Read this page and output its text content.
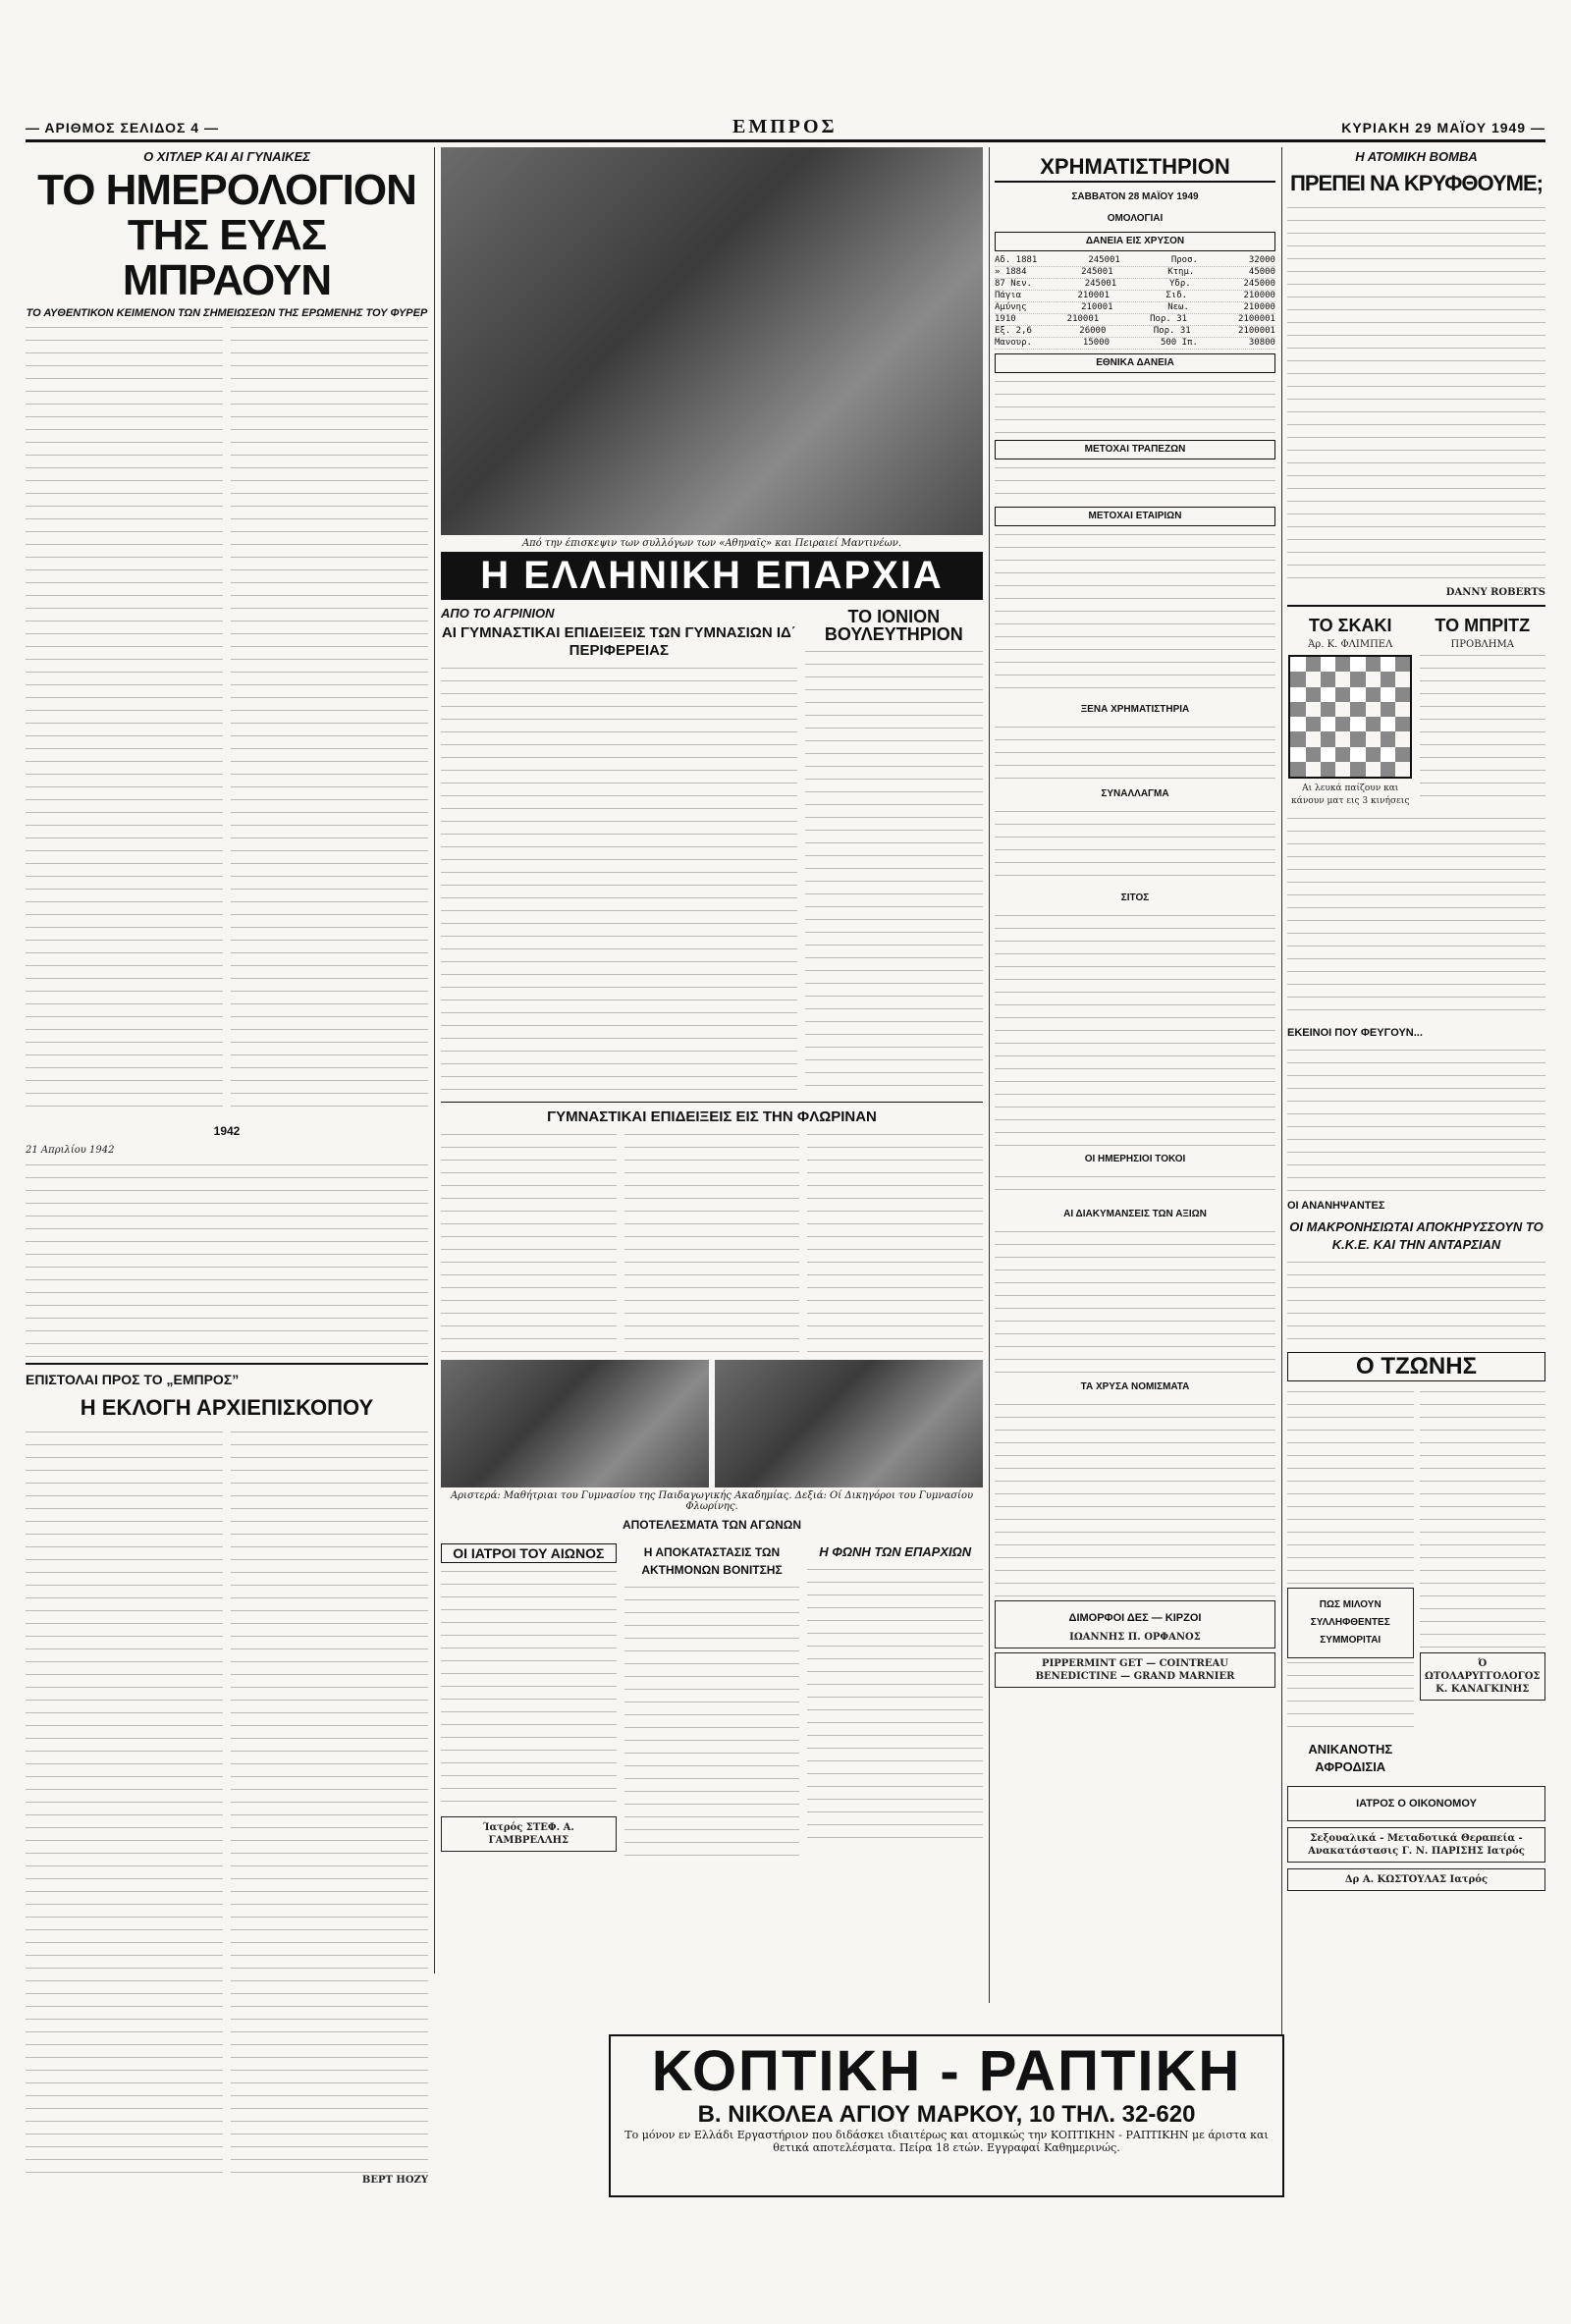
— ΑΡΙΘΜΟΣ ΣΕΛΙΔΟΣ 4 —	ΕΜΠΡΟΣ	ΚΥΡΙΑΚΗ 29 ΜΑΪΟΥ 1949 —
Ο ΧΙΤΛΕΡ ΚΑΙ ΑΙ ΓΥΝΑΙΚΕΣ
ΤΟ ΗΜΕΡΟΛΟΓΙΟΝ ΤΗΣ ΕΥΑΣ ΜΠΡΑΟΥΝ
ΤΟ ΑΥΘΕΝΤΙΚΟΝ ΚΕΙΜΕΝΟΝ ΤΩΝ ΣΗΜΕΙΩΣΕΩΝ ΤΗΣ ΕΡΩΜΕΝΗΣ ΤΟΥ ΦΥΡΕΡ
1942
21 Απριλίου 1942
ΕΠΙΣΤΟΛΑΙ ΠΡΟΣ ΤΟ „ΕΜΠΡΟΣ”
Η ΕΚΛΟΓΗ ΑΡΧΙΕΠΙΣΚΟΠΟΥ
ΒΕΡΤ ΗΟΖΥ
Από την έπισκεψιν των συλλόγων των «Αθηναϊς» και Πειραιεί Μαντινέων.
Η ΕΛΛΗΝΙΚΗ ΕΠΑΡΧΙΑ
ΑΠΟ ΤΟ ΑΓΡΙΝΙΟΝ
ΑΙ ΓΥΜΝΑΣΤΙΚΑΙ ΕΠΙΔΕΙΞΕΙΣ ΤΩΝ ΓΥΜΝΑΣΙΩΝ ΙΔ΄ ΠΕΡΙΦΕΡΕΙΑΣ
ΤΟ ΙΟΝΙΟΝ ΒΟΥΛΕΥΤΗΡΙΟΝ
ΓΥΜΝΑΣΤΙΚΑΙ ΕΠΙΔΕΙΞΕΙΣ ΕΙΣ ΤΗΝ ΦΛΩΡΙΝΑΝ
Αριστερά: Μαθήτριαι του Γυμνασίου της Παιδαγωγικής Ακαδημίας. Δεξιά: Οί Δικηγόροι του Γυμνασίου Φλωρίνης.
ΑΠΟΤΕΛΕΣΜΑΤΑ ΤΩΝ ΑΓΩΝΩΝ
ΟΙ ΙΑΤΡΟΙ ΤΟΥ ΑΙΩΝΟΣ
Ίατρός ΣΤΕΦ. Α. ΓΑΜΒΡΕΛΛΗΣ
Η ΑΠΟΚΑΤΑΣΤΑΣΙΣ ΤΩΝ ΑΚΤΗΜΟΝΩΝ ΒΟΝΙΤΣΗΣ
Η ΦΩΝΗ ΤΩΝ ΕΠΑΡΧΙΩΝ
ΚΟΠΤΙΚΗ - ΡΑΠΤΙΚΗ
Β. ΝΙΚΟΛΕΑ ΑΓΙΟΥ ΜΑΡΚΟΥ, 10 ΤΗΛ. 32-620
Το μόνον εν Ελλάδι Εργαστήριον που διδάσκει ιδιαιτέρως και ατομικώς την ΚΟΠΤΙΚΗΝ - ΡΑΠΤΙΚΗΝ με άριστα και θετικά αποτελέσματα. Πείρα 18 ετών. Εγγραφαί Καθημερινώς.
ΧΡΗΜΑΤΙΣΤΗΡΙΟΝ
ΣΑΒΒΑΤΟΝ 28 ΜΑΪΟΥ 1949
ΟΜΟΛΟΓΙΑΙ
ΔΑΝΕΙΑ ΕΙΣ ΧΡΥΣΟΝ
Αδ. 1881	245001	Προσ.	32000
» 1884	245001	Κτημ.	45000
87 Νεν.	245001	Υδρ.	245000
Πάγια	210001	Σιδ.	210000
Αμύνης	210001	Νεω.	210000
1910	210001	Πορ. 31	2100001
Εξ. 2,6	26000	Πορ. 31	2100001
Μανουρ.	15000	500 Ιπ.	30800
ΕΘΝΙΚΑ ΔΑΝΕΙΑ
ΜΕΤΟΧΑΙ ΤΡΑΠΕΖΩΝ
ΜΕΤΟΧΑΙ ΕΤΑΙΡΙΩΝ
ΞΕΝΑ ΧΡΗΜΑΤΙΣΤΗΡΙΑ
ΣΥΝΑΛΛΑΓΜΑ
ΣΙΤΟΣ
ΟΙ ΗΜΕΡΗΣΙΟΙ ΤΟΚΟΙ
ΑΙ ΔΙΑΚΥΜΑΝΣΕΙΣ ΤΩΝ ΑΞΙΩΝ
ΤΑ ΧΡΥΣΑ ΝΟΜΙΣΜΑΤΑ
ΔΙΜΟΡΦΟΙ ΔΕΣ — ΚΙΡΖΟΙ
ΙΩΑΝΝΗΣ Π. ΟΡΦΑΝΟΣ
PIPPERMINT GET — COINTREAU BENEDICTINE — GRAND MARNIER
Η ΑΤΟΜΙΚΗ ΒΟΜΒΑ
ΠΡΕΠΕΙ ΝΑ ΚΡΥΦΘΟΥΜΕ;
DANNY ROBERTS
ΤΟ ΣΚΑΚΙ
Άρ. Κ. ΦΛΙΜΠΕΛ
Αι λευκά παίζουν και κάνουν ματ εις 3 κινήσεις
ΤΟ ΜΠΡΙΤΖ
ΠΡΟΒΛΗΜΑ
ΕΚΕΙΝΟΙ ΠΟΥ ΦΕΥΓΟΥΝ...
ΟΙ ΑΝΑΝΗΨΑΝΤΕΣ
ΟΙ ΜΑΚΡΟΝΗΣΙΩΤΑΙ ΑΠΟΚΗΡΥΣΣΟΥΝ ΤΟ Κ.Κ.Ε. ΚΑΙ ΤΗΝ ΑΝΤΑΡΣΙΑΝ
Ο ΤΖΩΝΗΣ
ΠΩΣ ΜΙΛΟΥΝ ΣΥΛΛΗΦΘΕΝΤΕΣ ΣΥΜΜΟΡΙΤΑΙ
ΑΝΙΚΑΝΟΤΗΣ ΑΦΡΟΔΙΣΙΑ
Ό ΩΤΟΛΑΡΥΓΓΟΛΟΓΟΣ Κ. ΚΑΝΑΓΚΙΝΗΣ
ΙΑΤΡΟΣ Ο ΟΙΚΟΝΟΜΟΥ
Σεξουαλικά - Μεταδοτικά Θεραπεία - Ανακατάστασις Γ. Ν. ΠΑΡΙΣΗΣ Ιατρός
Δρ Α. ΚΩΣΤΟΥΛΑΣ Ιατρός
